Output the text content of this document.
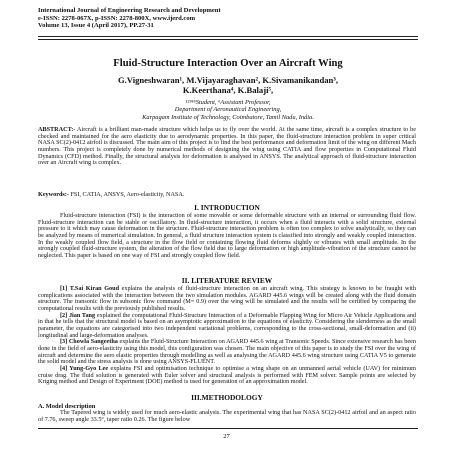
International Journal of Engineering Research and Development
e-ISSN: 2278-067X, p-ISSN: 2278-800X, www.ijerd.com
Volume 13, Issue 4 (April 2017), PP.27-31
Fluid-Structure Interaction Over an Aircraft Wing
G.Vigneshwaran¹, M.Vijayaraghavan², K.Sivamanikandan³,
K.Keerthana⁴, K.Balaji⁵,
¹²³⁴⁵Student, ⁶Assistant Professor,
Department of Aeronautical Engineering,
Karpagam Institute of Technology, Coimbatore, Tamil Nadu, India.

ABSTRACT:- Aircraft is a brilliant man-made structure which helps us to fly over the world. At the same time, aircraft is a complex structure to be checked and maintained for the aero elasticity due to aerodynamic properties. In this paper, the fluid-structure interaction problem in super critical NASA SC(2)-0412 airfoil is discussed. The main aim of this project is to find the best performance and deformation limit of the wing on different Mach numbers. This project is completely done by numerical methods of designing the wing using CATIA and flow properties in Computational Fluid Dynamics (CFD) method. Finally, the structural analysis for deformation is analysed in ANSYS. The analytical approach of fluid-structure interaction over an Aircraft wing is complex.

Keywords:- FSI, CATIA, ANSYS, Aero-elasticity, NASA.
I. INTRODUCTION

Fluid-structure interaction (FSI) is the interaction of some movable or some deformable structure with an internal or surrounding fluid flow. Fluid-structure interaction can be stable or oscillatory. In fluid-structure interaction, it occurs when a fluid interacts with a solid structure, external pressure to it which may cause deformation in the structure. Fluid-structure interaction problem is often too complex to solve analytically, so they can be analyzed by means of numerical simulation. In general, a fluid structure interaction system is classified into strongly and weakly coupled interaction. In the weakly coupled flow field, a structure in the flow field or containing flowing fluid deforms slightly or vibrates with small amplitude. In the strongly coupled fluid-structure system, the alteration of the flow field due to large deformation or high amplitude-vibration of the structure cannot be neglected. This paper is based on one way of FSI and strongly coupled flow field.

II. LITERATURE REVIEW

[1] T.Sai Kiran Goud explains the analysis of fluid-structure interaction on an aircraft wing. This strategy is known to be fraught with complications associated with the interaction between the two simulation modules. AGARD 445.6 wings will be created along with the fluid domain structure. The transonic flow in subsonic flow command (M= 0.9) over the wing will be simulated and the results will be certified by comparing the computational results with the previously published results.

[2] Jian Tang explained the computational Fluid-Structure Interaction of a Deformable Flapping Wing for Micro Air Vehicle Applications and in that he tells that the structural model is based on an asymptotic approximation to the equations of elasticity. Considering the slenderness as the small parameter, the equations are categorised into two independent variational problems, corresponding to the cross-sectional, small-deformation and (ii) longitudinal and large-deformation analyses.

[3] Chowla Sangeetha explains the Fluid-Structure Interaction on AGARD 445.6 wing at Transonic Speeds. Since extensive research has been done in the field of aero-elasticity using this model, this configuration was chosen. The main objective of this paper is to study the FSI over the wing of aircraft and determine the aero elastic properties through modelling as well as analysing the AGARD 445.6 wing structure using CATIA V5 to generate the solid model and the stress analysis is done using ANSYS-FLUENT.

[4] Yung-Gyo Lee explains FSI and optimisation technique to optimise a wing shape on an unmanned aerial vehicle (UAV) for minimum cruise drag. The fluid solution is generated with Euler solver and structural analysis is performed with FEM solver. Sample points are selected by Kriging method and Design of Experiment (DOE) method is used for generation of an approximation model.

III.METHODOLOGY
A. Model description

The Tapered wing is widely used for much aero-elastic analysis. The experimental wing that has NASA SC(2)-0412 airfoil and an aspect ratio of 7.76, sweep angle 33.5°, taper ratio 0.26. The figure below

27
